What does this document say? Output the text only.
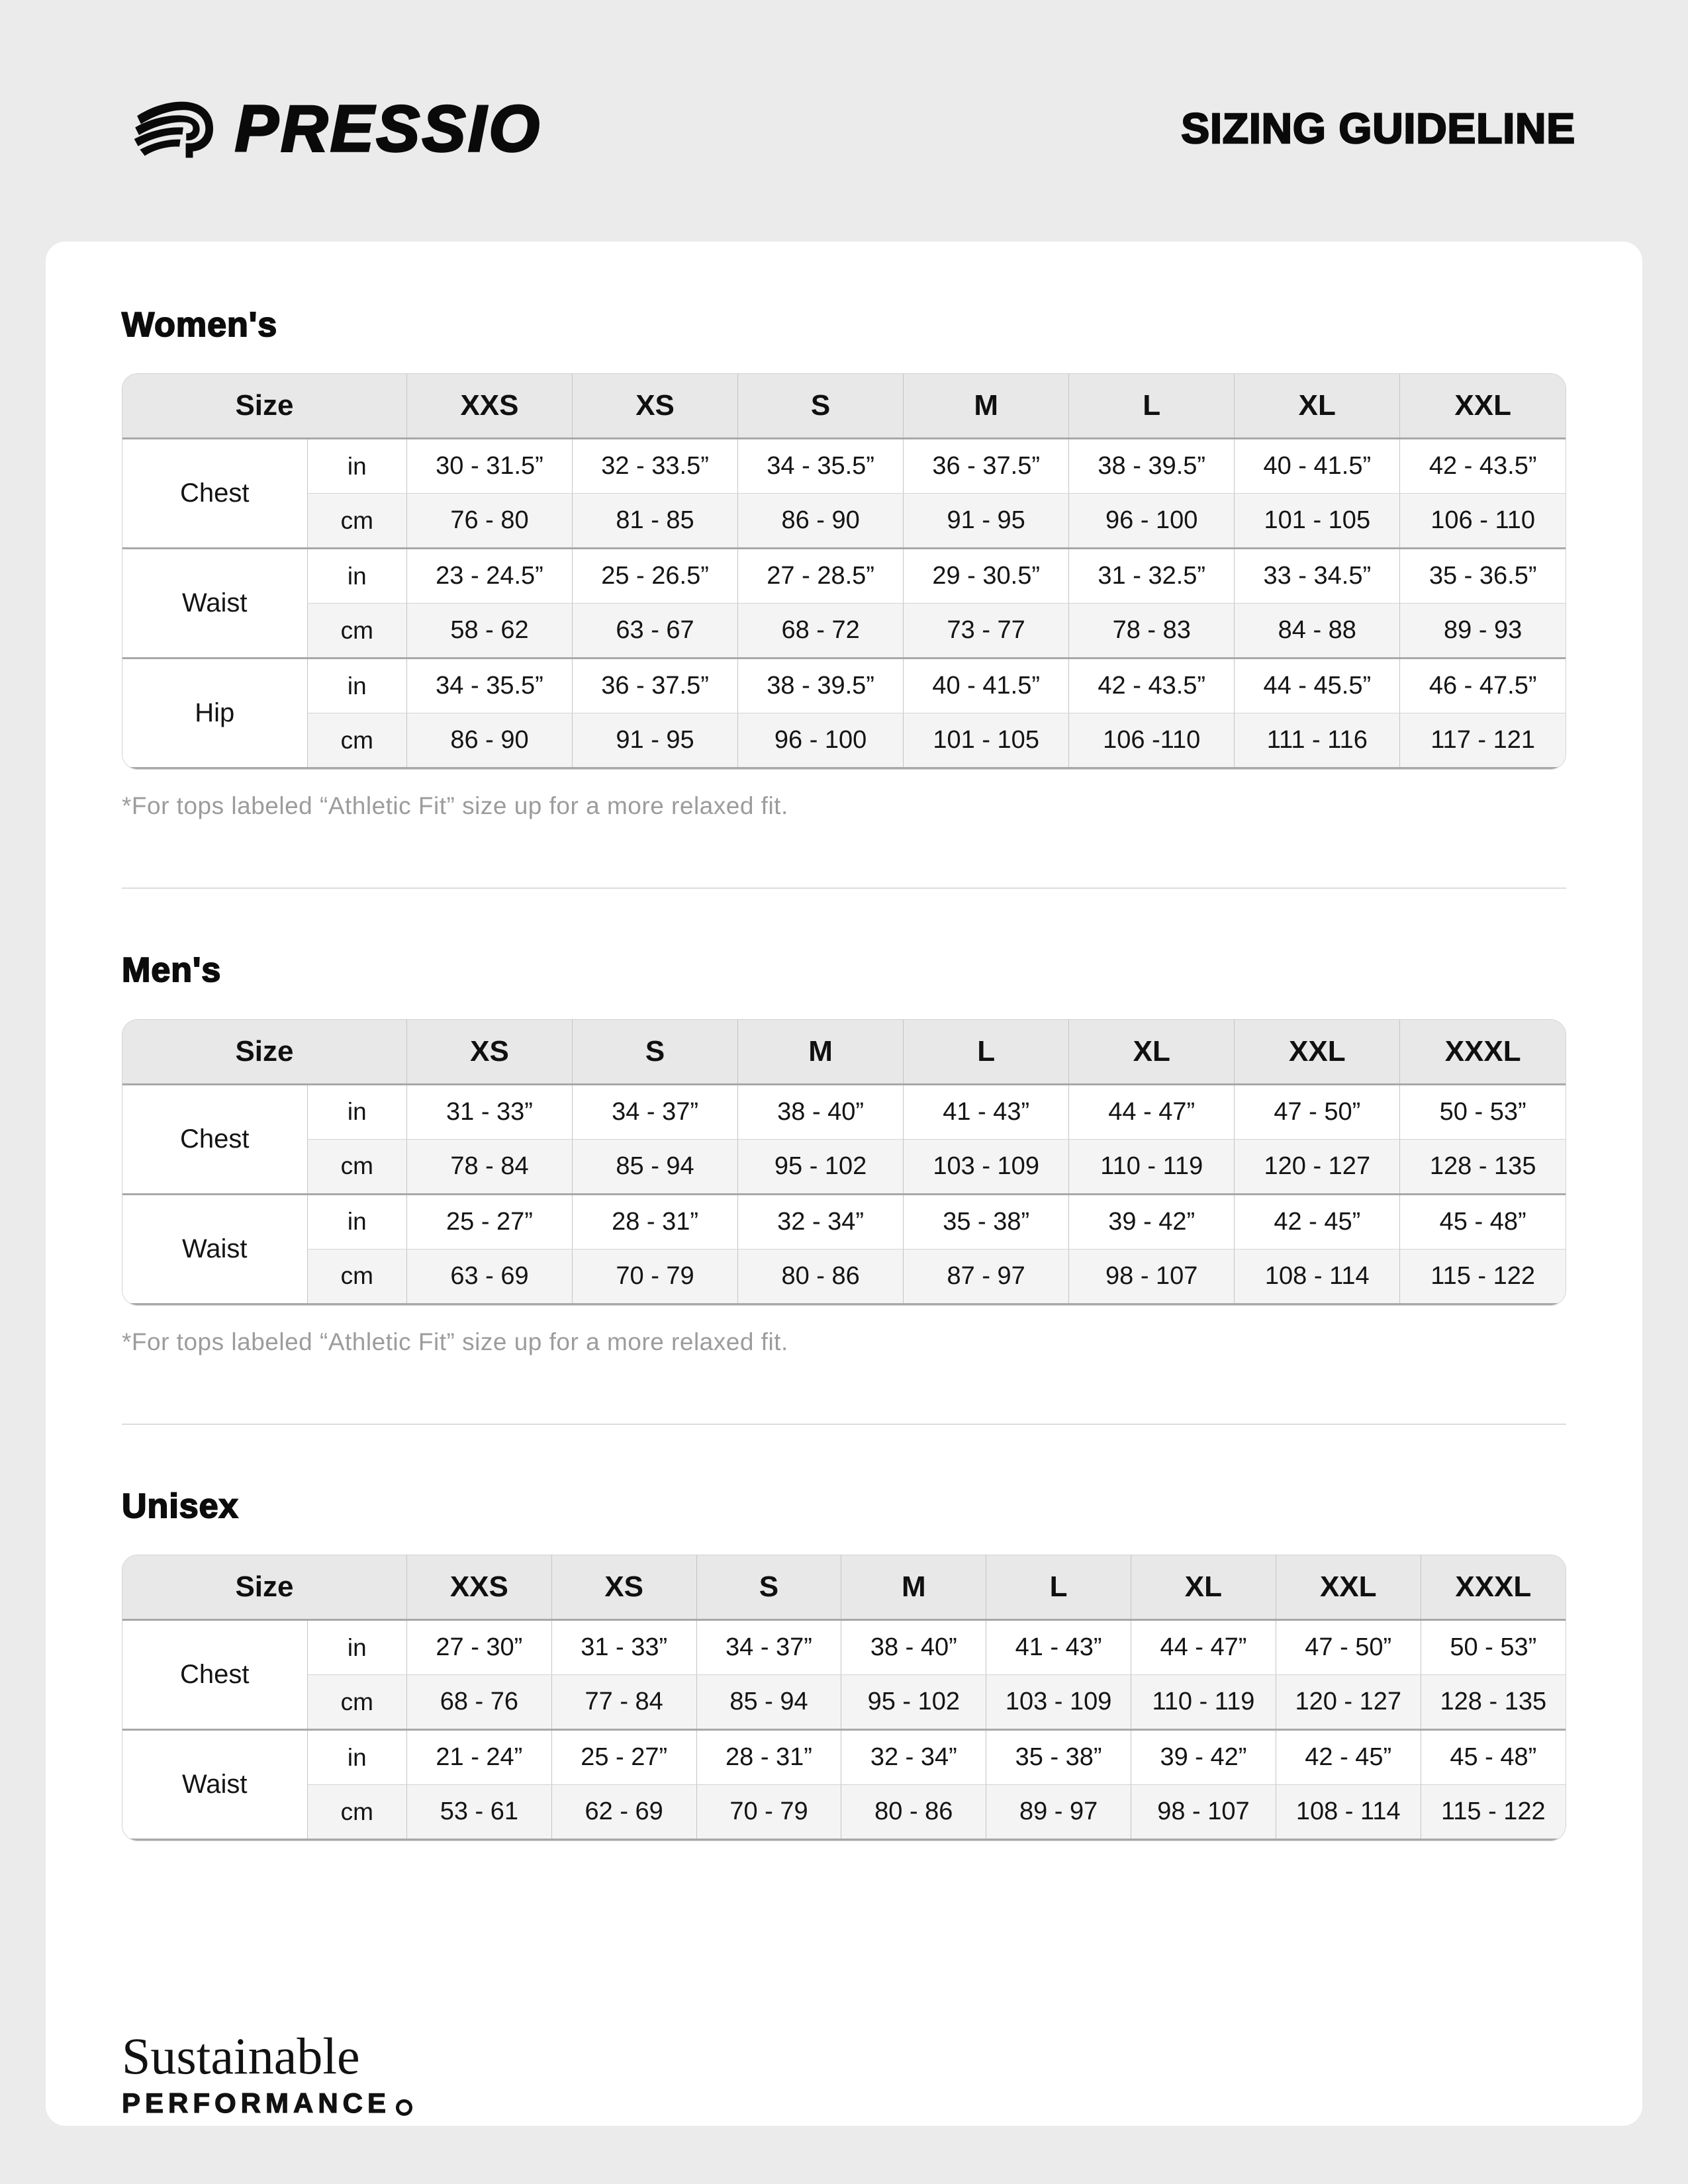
PRESSIO	SIZING GUIDELINE
Women's
Size		XXS	XS	S	M	L	XL	XXL
Chest	in	30 - 31.5”	32 - 33.5”	34 - 35.5”	36 - 37.5”	38 - 39.5”	40 - 41.5”	42 - 43.5”
	cm	76 - 80	81 - 85	86 - 90	91 - 95	96 - 100	101 - 105	106 - 110
Waist	in	23 - 24.5”	25 - 26.5”	27 - 28.5”	29 - 30.5”	31 - 32.5”	33 - 34.5”	35 - 36.5”
	cm	58 - 62	63 - 67	68 - 72	73 - 77	78 - 83	84 - 88	89 - 93
Hip	in	34 - 35.5”	36 - 37.5”	38 - 39.5”	40 - 41.5”	42 - 43.5”	44 - 45.5”	46 - 47.5”
	cm	86 - 90	91 - 95	96 - 100	101 - 105	106 -110	111 - 116	117 - 121

*For tops labeled “Athletic Fit” size up for a more relaxed fit.

Men's
Size		XS	S	M	L	XL	XXL	XXXL
Chest	in	31 - 33”	34 - 37”	38 - 40”	41 - 43”	44 - 47”	47 - 50”	50 - 53”
	cm	78 - 84	85 - 94	95 - 102	103 - 109	110 - 119	120 - 127	128 - 135
Waist	in	25 - 27”	28 - 31”	32 - 34”	35 - 38”	39 - 42”	42 - 45”	45 - 48”
	cm	63 - 69	70 - 79	80 - 86	87 - 97	98 - 107	108 - 114	115 - 122

*For tops labeled “Athletic Fit” size up for a more relaxed fit.

Unisex
Size		XXS	XS	S	M	L	XL	XXL	XXXL
Chest	in	27 - 30”	31 - 33”	34 - 37”	38 - 40”	41 - 43”	44 - 47”	47 - 50”	50 - 53”
	cm	68 - 76	77 - 84	85 - 94	95 - 102	103 - 109	110 - 119	120 - 127	128 - 135
Waist	in	21 - 24”	25 - 27”	28 - 31”	32 - 34”	35 - 38”	39 - 42”	42 - 45”	45 - 48”
	cm	53 - 61	62 - 69	70 - 79	80 - 86	89 - 97	98 - 107	108 - 114	115 - 122
Sustainable
PERFORMANCE
